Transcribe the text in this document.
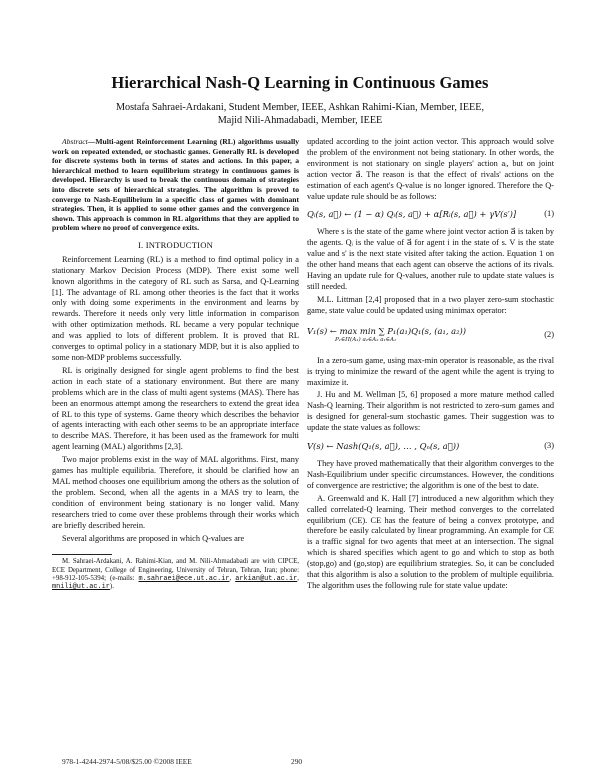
Hierarchical Nash-Q Learning in Continuous Games
Mostafa Sahraei-Ardakani, Student Member, IEEE, Ashkan Rahimi-Kian, Member, IEEE,
Majid Nili-Ahmadabadi, Member, IEEE

Abstract—Multi-agent Reinforcement Learning (RL) algorithms usually work on repeated extended, or stochastic games. Generally RL is developed for discrete systems both in terms of states and actions. In this paper, a hierarchical method to learn equilibrium strategy in continuous games is developed. Hierarchy is used to break the continuous domain of strategies into discrete sets of hierarchical strategies. The algorithm is proved to converge to Nash-Equilibrium in a specific class of games with dominant strategies. Then, it is applied to some other games and the convergence in shown. This approach is common in RL algorithms that they are applied to problem where no proof of convergence exits.

I. INTRODUCTION

Reinforcement Learning (RL) is a method to find optimal policy in a stationary Markov Decision Process (MDP). There exist some well known algorithms in the category of RL such as Sarsa, and Q-Learning [1]. The advantage of RL among other theories is the fact that it works only with doing some experiments in the environment and learns by rewards. Therefore it needs only very little information in comparison with other optimization methods. RL became a very popular technique and was applied to lots of different problem. It is proved that RL converges to optimal policy in a stationary MDP, but it is also applied to some non-MDP problems successfully.

RL is originally designed for single agent problems to find the best action in each state of a stationary environment. But there are many problems which are in the class of multi agent systems (MAS). There has been an enormous attempt among the researchers to extend the great idea of RL to this type of systems. Game theory which describes the behavior of agents interacting with each other seems to be an appropriate interface to describe MAS. Therefore, it has been used as the framework for multi agent learning (MAL) algorithms [2,3].

Two major problems exist in the way of MAL algorithms. First, many games has multiple equilibria. Therefore, it should be clarified how an MAL method chooses one equilibrium among the others as the solution of the problem. Second, when all the agents in a MAS try to learn, the condition of environment being stationary is no longer valid. Many researchers tried to come over these problems through their works which are briefly described herein.

Several algorithms are proposed in which Q-values are

M. Sahraei-Ardakani, A. Rahimi-Kian, and M. Nili-Ahmadabadi are with CIPCE, ECE Department, College of Engineering, University of Tehran, Tehran, Iran; phone: +98-912-105-5394; (e-mails: m.sahraei@ece.ut.ac.ir, arkian@ut.ac.ir, mnili@ut.ac.ir).

updated according to the joint action vector. This approach would solve the problem of the environment not being stationary. In other words, the environment is not stationary on single players' action aᵢ, but on joint action vector a⃗. The reason is that the effect of rivals' actions on the estimation of each agent's Q-value is no longer ignored. Therefore the Q-value update rule should be as follows:

Qᵢ(s, a⃗) ← (1 − α) Qᵢ(s, a⃗) + α[Rᵢ(s, a⃗) + γV(s′)]	(1)

Where s is the state of the game where joint vector action a⃗ is taken by the agents. Qᵢ is the value of a⃗ for agent i in the state of s. V is the state value and s' is the next state visited after taking the action. Equation 1 on the other hand means that each agent can observe the actions of its rivals. Having an update rule for Q-values, another rule to update state values is still needed.

M.L. Littman [2,4] proposed that in a two player zero-sum stochastic game, state value could be updated using minimax operator:

V₁(s) ← max min ∑ P₁(a₁)Q₁(s, (a₁, a₂))
P₁∈Π(A₁) a₂∈A₂ a₁∈A₁
(2)

In a zero-sum game, using max-min operator is reasonable, as the rival is trying to minimize the reward of the agent while the agent is trying to maximize it.

J. Hu and M. Wellman [5, 6] proposed a more mature method called Nash-Q learning. Their algorithm is not restricted to zero-sum games and is designed for general-sum stochastic games. Their suggestion was to update the state values as follows:

V(s) ← Nash(Q₁(s, a⃗), … , Qₙ(s, a⃗))	(3)

They have proved mathematically that their algorithm converges to the Nash-Equilibrium under specific circumstances. However, the conditions of convergence are restrictive; the algorithm is one of the best to date.

A. Greenwald and K. Hall [7] introduced a new algorithm which they called correlated-Q learning. Their method converges to the correlated equilibrium (CE). CE has the feature of being a convex prototype, and therefore be easily calculated by linear programming. An example for CE is a traffic signal for two agents that meet at an intersection. The signal which is shared specifies which agent to go and which to stop as both (stop,go) and (go,stop) are equilibrium strategies. So, it can be concluded that this algorithm is also a solution to the problem of multiple equilibria. The algorithm uses the following rule for state value update:

978-1-4244-2974-5/08/$25.00 ©2008 IEEE	290
